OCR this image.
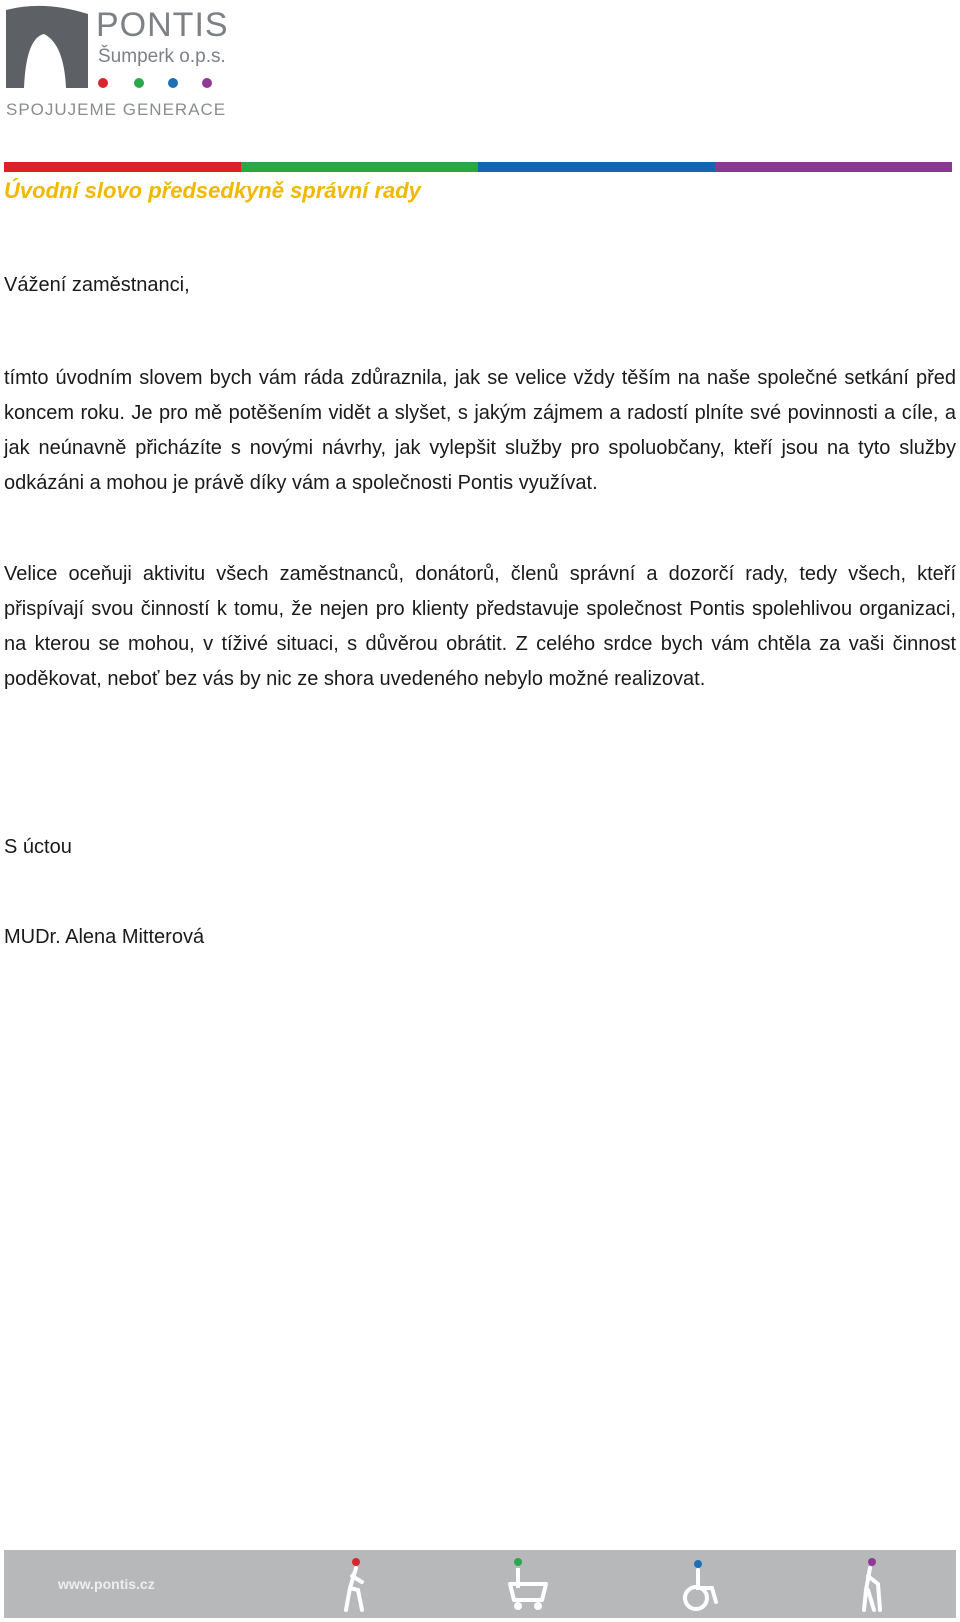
PONTIS
Šumperk o.p.s.
SPOJUJEME GENERACE
Úvodní slovo předsedkyně správní rady
Vážení zaměstnanci,
tímto úvodním slovem bych vám ráda zdůraznila, jak se velice vždy těším na naše společné setkání před koncem roku. Je pro mě potěšením vidět a slyšet, s jakým zájmem a radostí plníte své povinnosti a cíle, a jak neúnavně přicházíte s novými návrhy, jak vylepšit služby pro spoluobčany, kteří jsou na tyto služby odkázáni a mohou je právě díky vám a společnosti Pontis využívat.
Velice oceňuji aktivitu všech zaměstnanců, donátorů, členů správní a dozorčí rady, tedy všech, kteří přispívají svou činností k tomu, že nejen pro klienty představuje společnost Pontis spolehlivou organizaci, na kterou se mohou, v tíživé situaci, s důvěrou obrátit. Z celého srdce bych vám chtěla za vaši činnost poděkovat, neboť bez vás by nic ze shora uvedeného nebylo možné realizovat.
S úctou
MUDr. Alena Mitterová
www.pontis.cz
